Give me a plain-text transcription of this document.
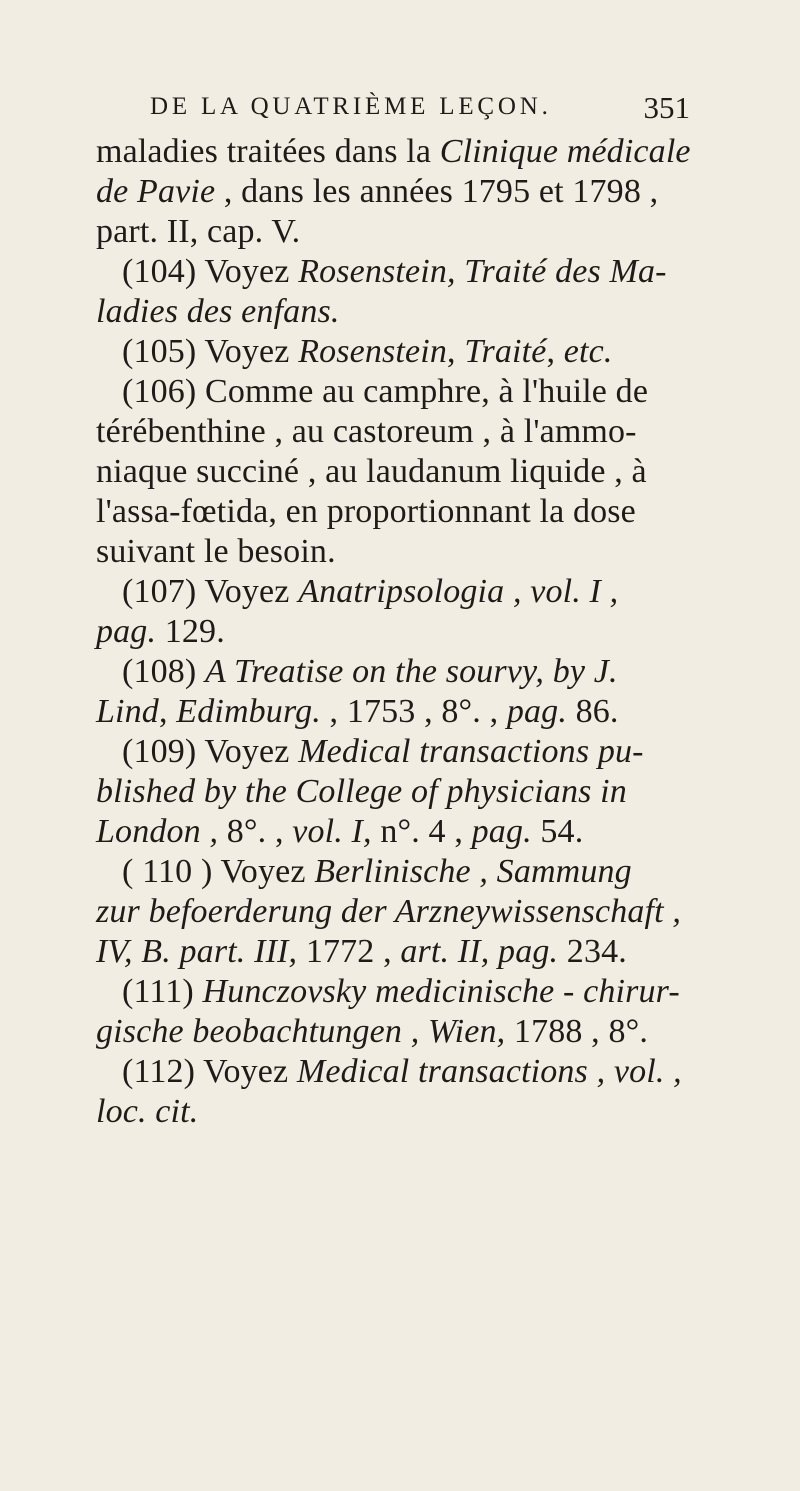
DE LA QUATRIÈME LEÇON.	351
maladies traitées dans la Clinique médicale
de Pavie , dans les années 1795 et 1798 ,
part. II, cap. V.
(104) Voyez Rosenstein, Traité des Ma-
ladies des enfans.
(105) Voyez Rosenstein, Traité, etc.
(106) Comme au camphre, à l'huile de
térébenthine , au castoreum , à l'ammo-
niaque succiné , au laudanum liquide , à
l'assa-fœtida, en proportionnant la dose
suivant le besoin.
(107) Voyez Anatripsologia , vol. I ,
pag. 129.
(108) A Treatise on the sourvy, by J.
Lind, Edimburg. , 1753 , 8°. , pag. 86.
(109) Voyez Medical transactions pu-
blished by the College of physicians in
London , 8°. , vol. I, n°. 4 , pag. 54.
( 110 ) Voyez Berlinische , Sammung
zur befoerderung der Arzneywissenschaft ,
IV, B. part. III, 1772 , art. II, pag. 234.
(111) Hunczovsky medicinische - chirur-
gische beobachtungen , Wien, 1788 , 8°.
(112) Voyez Medical transactions , vol. ,
loc. cit.
